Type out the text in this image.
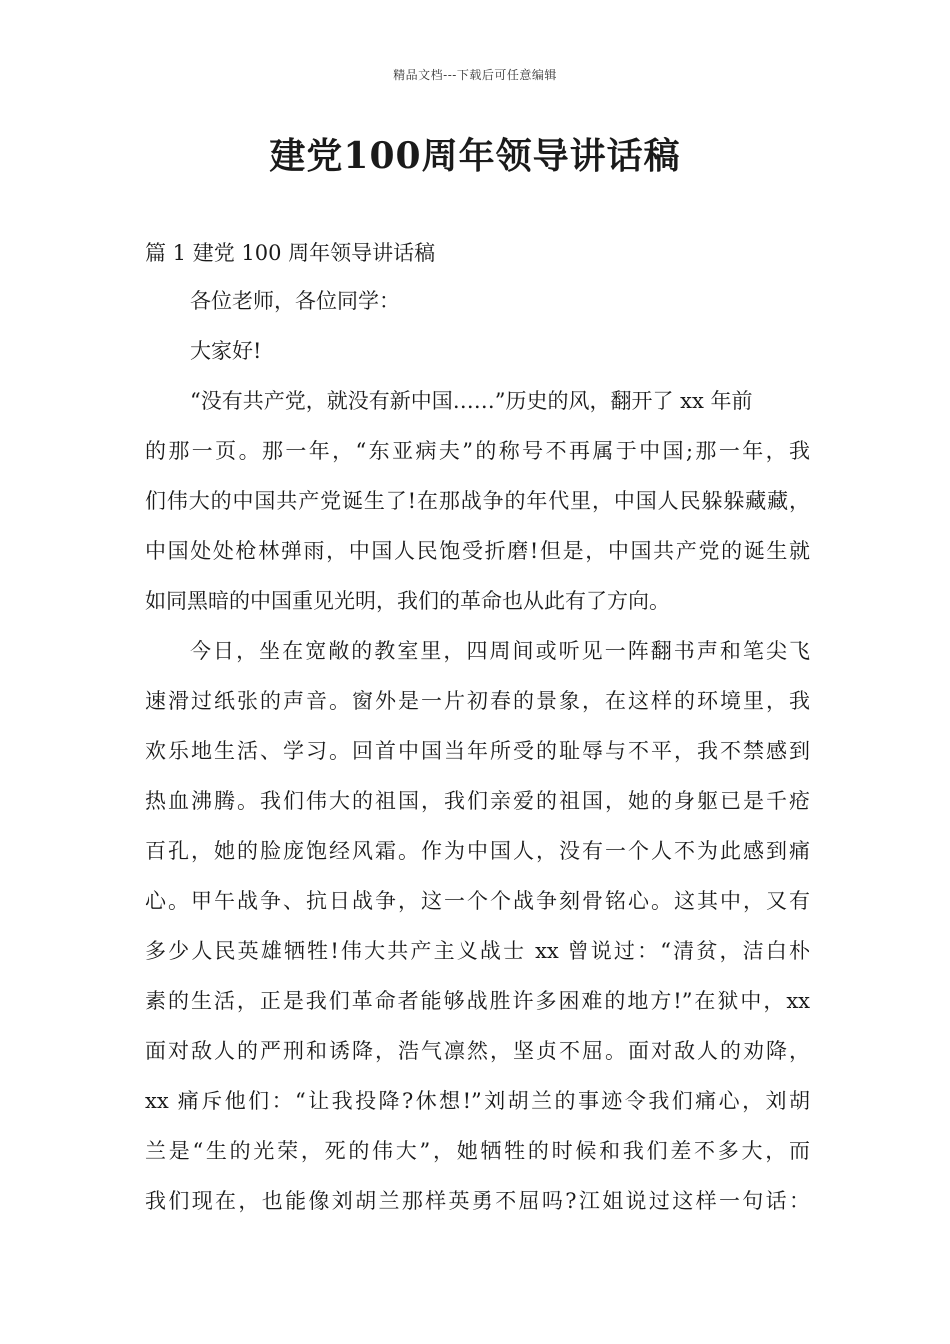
精品文档---下载后可任意编辑
建党100周年领导讲话稿

篇 1 建党 100 周年领导讲话稿

各位老师，各位同学：

大家好!

“没有共产党，就没有新中国……”历史的风，翻开了 xx 年前

的那一页。那一年，“东亚病夫”的称号不再属于中国;那一年，我

们伟大的中国共产党诞生了!在那战争的年代里，中国人民躲躲藏藏，

中国处处枪林弹雨，中国人民饱受折磨!但是，中国共产党的诞生就

如同黑暗的中国重见光明，我们的革命也从此有了方向。

今日，坐在宽敞的教室里，四周间或听见一阵翻书声和笔尖飞

速滑过纸张的声音。窗外是一片初春的景象，在这样的环境里，我

欢乐地生活、学习。回首中国当年所受的耻辱与不平，我不禁感到

热血沸腾。我们伟大的祖国，我们亲爱的祖国，她的身躯已是千疮

百孔，她的脸庞饱经风霜。作为中国人，没有一个人不为此感到痛

心。甲午战争、抗日战争，这一个个战争刻骨铭心。这其中，又有

多少人民英雄牺牲!伟大共产主义战士 xx 曾说过：“清贫，洁白朴

素的生活，正是我们革命者能够战胜许多困难的地方!”在狱中，xx

面对敌人的严刑和诱降，浩气凛然，坚贞不屈。面对敌人的劝降，

xx 痛斥他们：“让我投降?休想!”刘胡兰的事迹令我们痛心，刘胡

兰是“生的光荣，死的伟大”，她牺牲的时候和我们差不多大，而

我们现在，也能像刘胡兰那样英勇不屈吗?江姐说过这样一句话：
